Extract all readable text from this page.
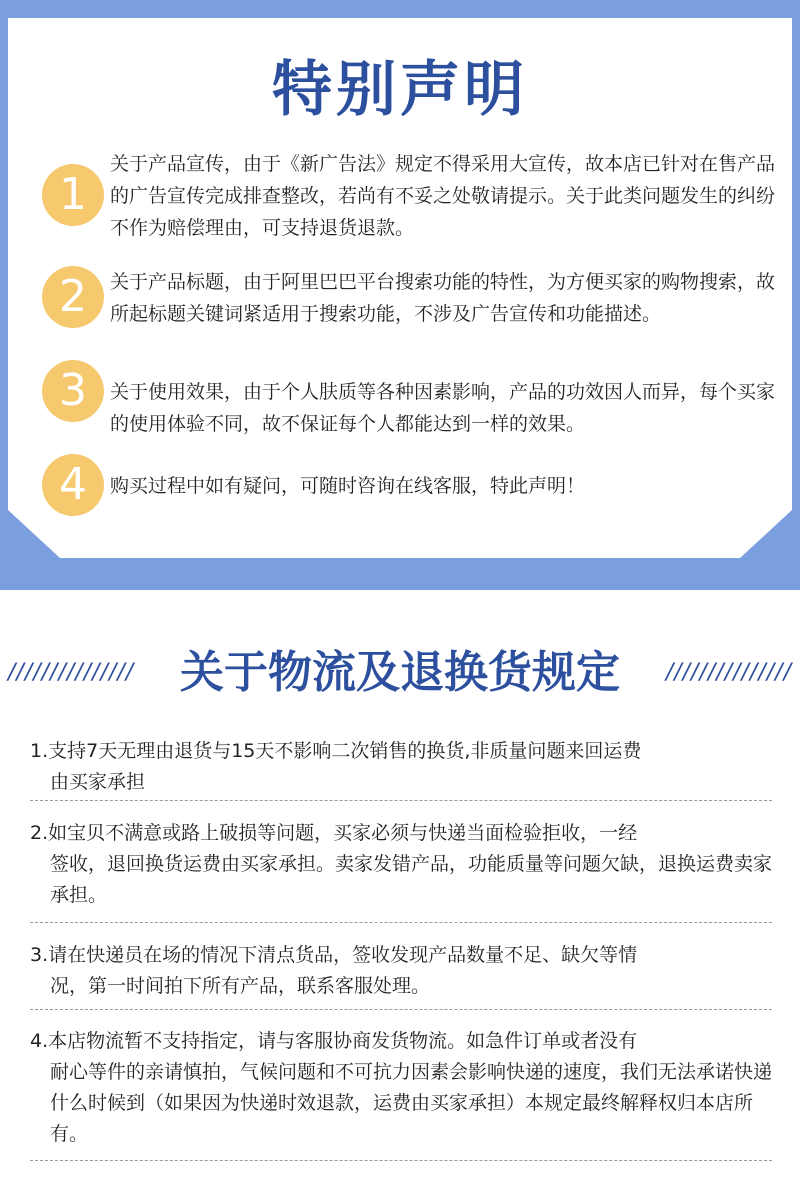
特别声明
1
关于产品宣传，由于《新广告法》规定不得采用大宣传，故本店已针对在售产品的广告宣传完成排查整改，若尚有不妥之处敬请提示。关于此类问题发生的纠纷不作为赔偿理由，可支持退货退款。
2	关于产品标题，由于阿里巴巴平台搜索功能的特性，为方便买家的购物搜索，故所起标题关键词紧适用于搜索功能，不涉及广告宣传和功能描述。
3	关于使用效果，由于个人肤质等各种因素影响，产品的功效因人而异，每个买家的使用体验不同，故不保证每个人都能达到一样的效果。
4	购买过程中如有疑问，可随时咨询在线客服，特此声明！
///////////////	关于物流及退换货规定	///////////////
1.支持7天无理由退货与15天不影响二次销售的换货,非质量问题来回运费
由买家承担
2.如宝贝不满意或路上破损等问题，买家必须与快递当面检验拒收，一经
签收，退回换货运费由买家承担。卖家发错产品，功能质量等问题欠缺，退换运费卖家承担。
3.请在快递员在场的情况下清点货品，签收发现产品数量不足、缺欠等情
况，第一时间拍下所有产品，联系客服处理。
4.本店物流暂不支持指定，请与客服协商发货物流。如急件订单或者没有
耐心等件的亲请慎拍，气候问题和不可抗力因素会影响快递的速度，我们无法承诺快递什么时候到（如果因为快递时效退款，运费由买家承担）本规定最终解释权归本店所有。
